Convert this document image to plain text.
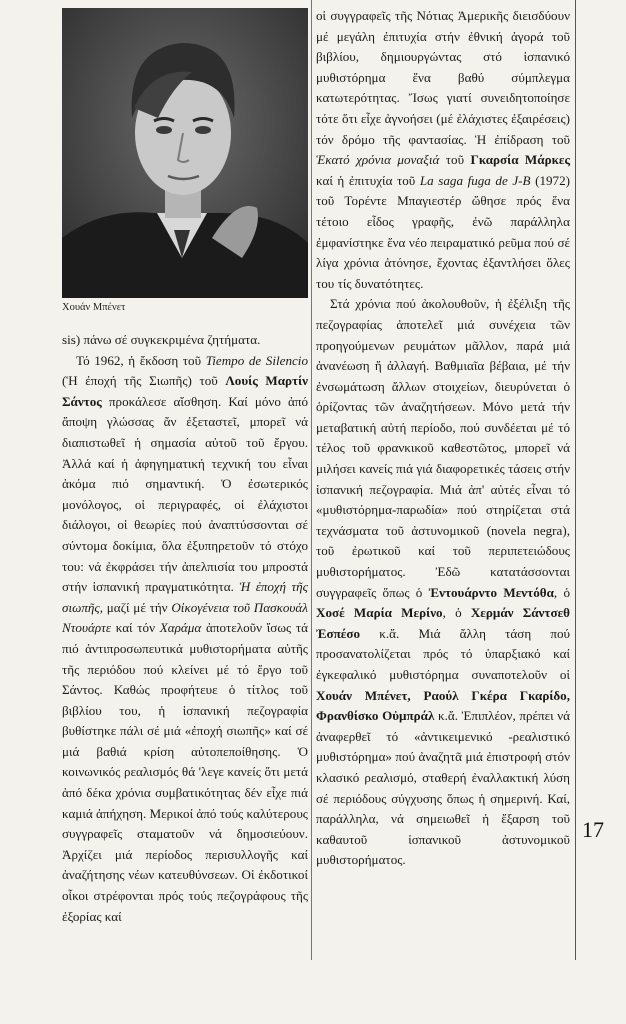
Χουάν Μπένετ

sis) πάνω σέ συγκεκριμένα ζητήματα.

Τό 1962, ἡ ἔκδοση τοῦ Tiempo de Silencio (Ἡ ἐποχή τῆς Σιωπῆς) τοῦ Λουίς Μαρτίν Σάντος προκάλεσε αἴσθηση. Καί μόνο ἀπό ἄποψη γλώσσας ἄν ἐξεταστεῖ, μπορεῖ νά διαπιστωθεῖ ἡ σημασία αὐτοῦ τοῦ ἔργου. Ἀλλά καί ἡ ἀφηγηματική τεχνική του εἶναι ἀκόμα πιό σημαντική. Ὁ ἐσωτερικός μονόλογος, οἱ περιγραφές, οἱ ἐλάχιστοι διάλογοι, οἱ θεωρίες πού ἀναπτύσσονται σέ σύντομα δοκίμια, ὅλα ἐξυπηρετοῦν τό στόχο του: νά ἐκφράσει τήν ἀπελπισία του μπροστά στήν ἱσπανική πραγματικότητα. Ἡ ἐποχή τῆς σιωπῆς, μαζί μέ τήν Οἰκογένεια τοῦ Πασκουάλ Ντουάρτε καί τόν Χαράμα ἀποτελοῦν ἴσως τά πιό ἀντιπροσωπευτικά μυθιστορήματα αὐτῆς τῆς περιόδου πού κλείνει μέ τό ἔργο τοῦ Σάντος. Καθώς προφήτευε ὁ τίτλος τοῦ βιβλίου του, ἡ ἱσπανική πεζογραφία βυθίστηκε πάλι σέ μιά «ἐποχή σιωπῆς» καί σέ μιά βαθιά κρίση αὐτοπεποίθησης. Ὁ κοινωνικός ρεαλισμός θά 'λεγε κανείς ὅτι μετά ἀπό δέκα χρόνια συμβατικότητας δέν εἶχε πιά καμιά ἀπήχηση. Μερικοί ἀπό τούς καλύτερους συγγραφεῖς σταματοῦν νά δημοσιεύουν. Ἀρχίζει μιά περίοδος περισυλλογῆς καί ἀναζήτησης νέων κατευθύνσεων. Οἱ ἐκδοτικοί οἶκοι στρέφονται πρός τούς πεζογράφους τῆς ἐξορίας καί

οἱ συγγραφεῖς τῆς Νότιας Ἀμερικῆς διεισδύουν μέ μεγάλη ἐπιτυχία στήν ἐθνική ἀγορά τοῦ βιβλίου, δημιουργώντας στό ἱσπανικό μυθιστόρημα ἕνα βαθύ σύμπλεγμα κατωτερότητας. Ἴσως γιατί συνειδητοποίησε τότε ὅτι εἶχε ἀγνοήσει (μέ ἐλάχιστες ἐξαιρέσεις) τόν δρόμο τῆς φαντασίας. Ἡ ἐπίδραση τοῦ Ἑκατό χρόνια μοναξιά τοῦ Γκαρσία Μάρκες καί ἡ ἐπιτυχία τοῦ La saga fuga de J-B (1972) τοῦ Τορέντε Μπαγιεστέρ ὤθησε πρός ἕνα τέτοιο εἶδος γραφῆς, ἐνῶ παράλληλα ἐμφανίστηκε ἕνα νέο πειραματικό ρεῦμα πού σέ λίγα χρόνια ἀτόνησε, ἔχοντας ἐξαντλήσει ὅλες του τίς δυνατότητες.

Στά χρόνια πού ἀκολουθοῦν, ἡ ἐξέλιξη τῆς πεζογραφίας ἀποτελεῖ μιά συνέχεια τῶν προηγούμενων ρευμάτων μᾶλλον, παρά μιά ἀνανέωση ἤ ἀλλαγή. Βαθμιαῖα βέβαια, μέ τήν ἐνσωμάτωση ἄλλων στοιχείων, διευρύνεται ὁ ὁρίζοντας τῶν ἀναζητήσεων. Μόνο μετά τήν μεταβατική αὐτή περίοδο, πού συνδέεται μέ τό τέλος τοῦ φρανκικοῦ καθεστῶτος, μπορεῖ νά μιλήσει κανείς πιά γιά διαφορετικές τάσεις στήν ἱσπανική πεζογραφία. Μιά ἀπ' αὐτές εἶναι τό «μυθιστόρημα-παρωδία» πού στηρίζεται στά τεχνάσματα τοῦ ἀστυνομικοῦ (novela negra), τοῦ ἐρωτικοῦ καί τοῦ περιπετειώδους μυθιστορήματος. Ἐδῶ κατατάσσονται συγγραφεῖς ὅπως ὁ Ἐντουάρντο Μεντόθα, ὁ Χοσέ Μαρία Μερίνο, ὁ Χερμάν Σάντσεθ Ἐσπέσο κ.ἄ. Μιά ἄλλη τάση πού προσανατολίζεται πρός τό ὑπαρξιακό καί ἐγκεφαλικό μυθιστόρημα συναποτελοῦν οἱ Χουάν Μπένετ, Ραούλ Γκέρα Γκαρίδο, Φρανθίσκο Οὐμπράλ κ.ἄ. Ἐπιπλέον, πρέπει νά ἀναφερθεῖ τό «ἀντικειμενικό -ρεαλιστικό μυθιστόρημα» πού ἀναζητᾶ μιά ἐπιστροφή στόν κλασικό ρεαλισμό, σταθερή ἐναλλακτική λύση σέ περιόδους σύγχυσης ὅπως ἡ σημερινή. Καί, παράλληλα, νά σημειωθεῖ ἡ ἔξαρση τοῦ καθαυτοῦ ἱσπανικοῦ ἀστυνομικοῦ μυθιστορήματος.

17
